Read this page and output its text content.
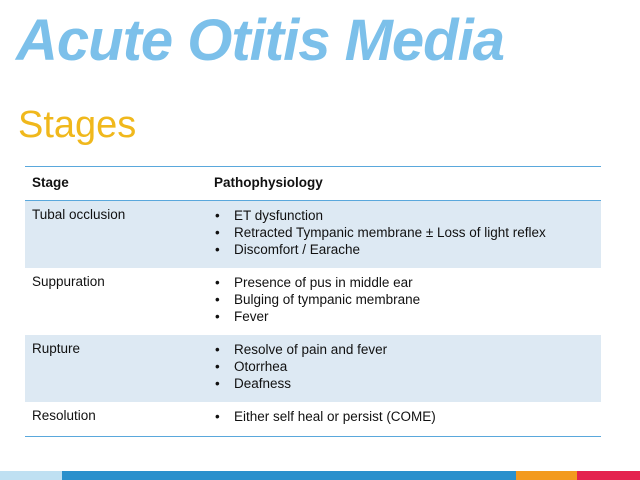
Acute Otitis Media
Stages
Stage	Pathophysiology
Tubal occlusion	• ET dysfunction
• Retracted Tympanic membrane ± Loss of light reflex
• Discomfort / Earache
Suppuration	• Presence of pus in middle ear
• Bulging of tympanic membrane
• Fever
Rupture	• Resolve of pain and fever
• Otorrhea
• Deafness
Resolution	• Either self heal or persist (COME)
